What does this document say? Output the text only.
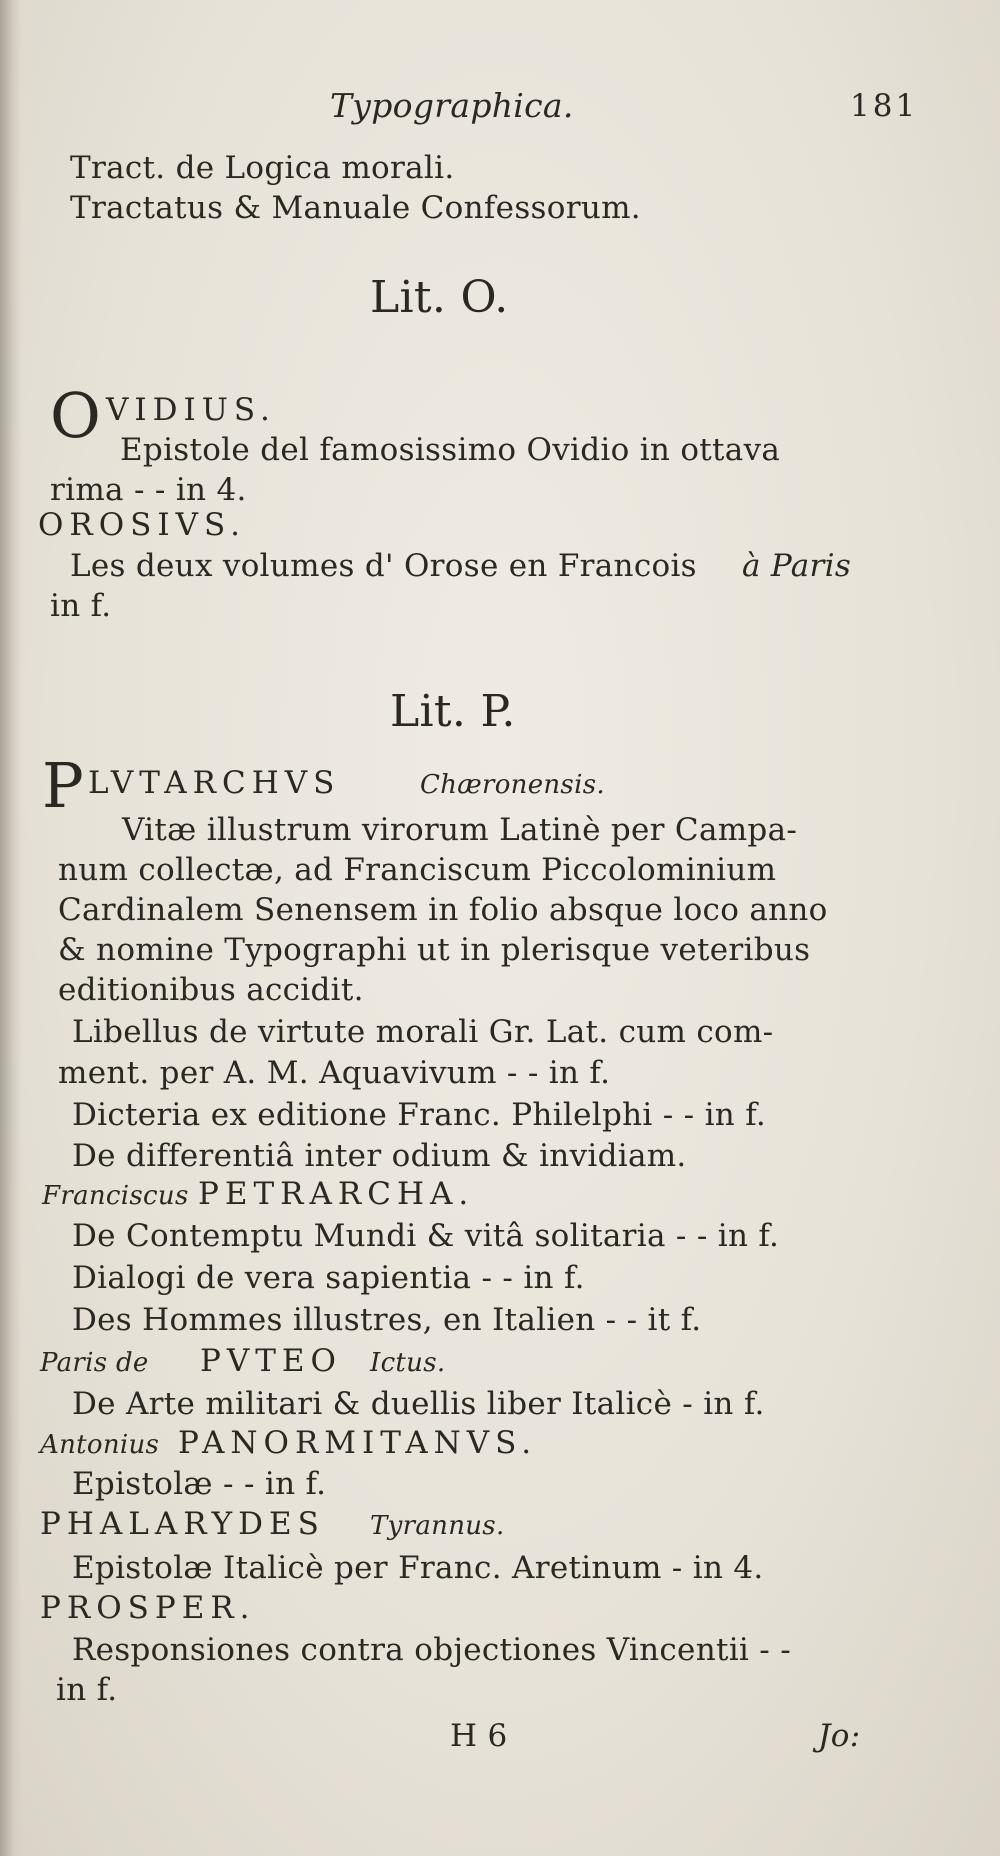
Typographica.	181
Tract. de Logica morali.
Tractatus & Manuale Confessorum.
Lit. O.
O VIDIUS.
Epistole del famosissimo Ovidio in ottava
rima - - in 4.
OROSIVS.
Les deux volumes d' Orose en Francois à Paris
in f.
Lit. P.
P LVTARCHVS	Chæronensis.
Vitæ illustrum virorum Latinè per Campa-
num collectæ, ad Franciscum Piccolominium
Cardinalem Senensem in folio absque loco anno
& nomine Typographi ut in plerisque veteribus
editionibus accidit.
Libellus de virtute morali Gr. Lat. cum com-
ment. per A. M. Aquavivum - - in f.
Dicteria ex editione Franc. Philelphi - - in f.
De differentiâ inter odium & invidiam.
Franciscus PETRARCHA.
De Contemptu Mundi & vitâ solitaria - - in f.
Dialogi de vera sapientia - - in f.
Des Hommes illustres, en Italien - - it f.
Paris de PVTEO Ictus.
De Arte militari & duellis liber Italicè - in f.
Antonius PANORMITANVS.
Epistolæ - - in f.
PHALARYDES Tyrannus.
Epistolæ Italicè per Franc. Aretinum - in 4.
PROSPER.
Responsiones contra objectiones Vincentii - -
in f.
H 6	Jo:
